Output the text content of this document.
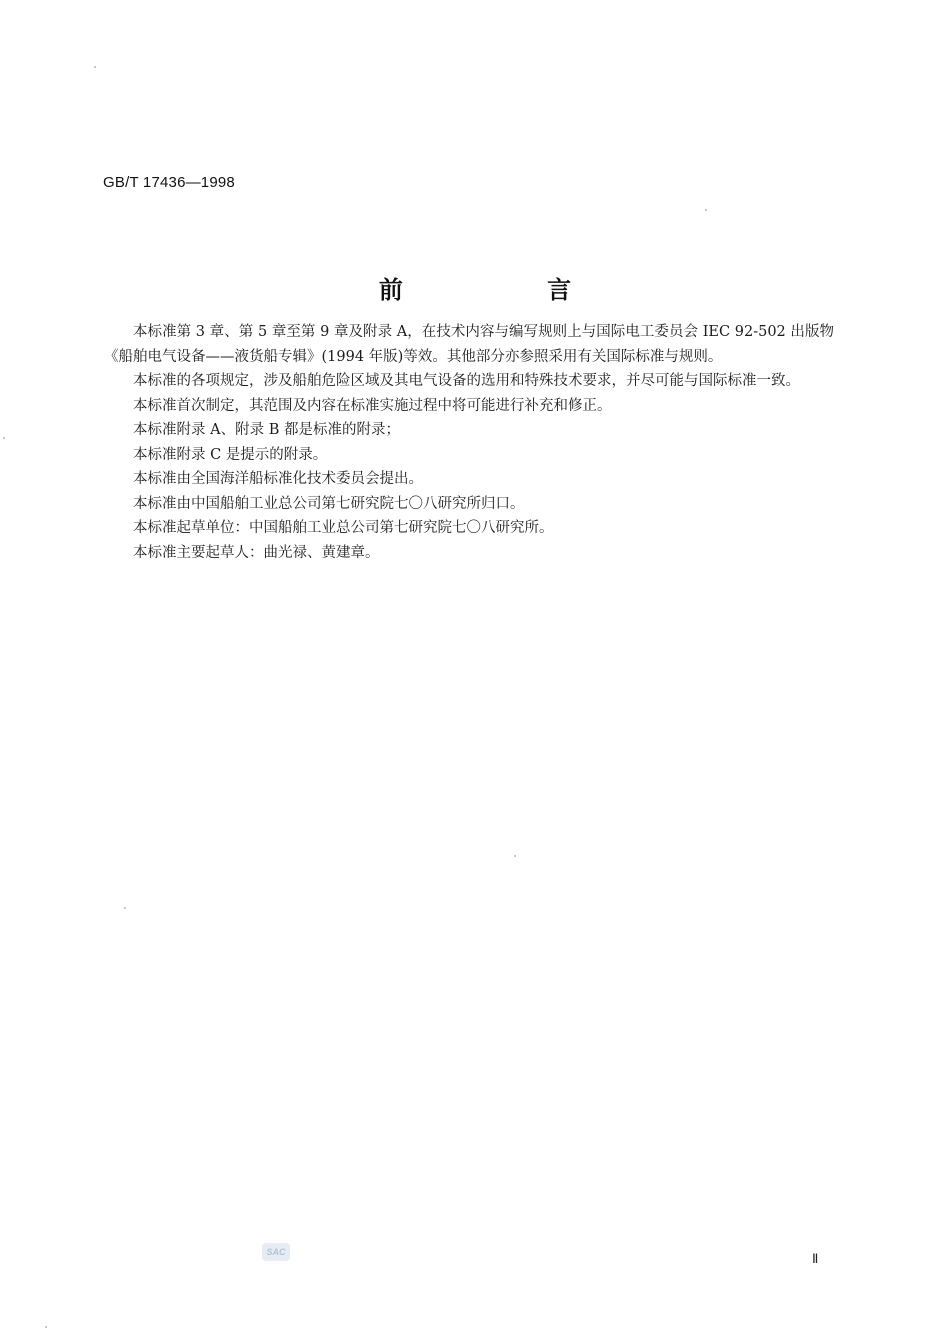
GB/T 17436—1998
前 言

本标准第 3 章、第 5 章至第 9 章及附录 A，在技术内容与编写规则上与国际电工委员会 IEC 92-502 出版物《船舶电气设备——液货船专辑》(1994 年版)等效。其他部分亦参照采用有关国际标准与规则。

本标准的各项规定，涉及船舶危险区域及其电气设备的选用和特殊技术要求，并尽可能与国际标准一致。

本标准首次制定，其范围及内容在标准实施过程中将可能进行补充和修正。

本标准附录 A、附录 B 都是标准的附录；

本标准附录 C 是提示的附录。

本标准由全国海洋船标准化技术委员会提出。

本标准由中国船舶工业总公司第七研究院七〇八研究所归口。

本标准起草单位：中国船舶工业总公司第七研究院七〇八研究所。

本标准主要起草人：曲光禄、黄建章。

SAC	Ⅱ
